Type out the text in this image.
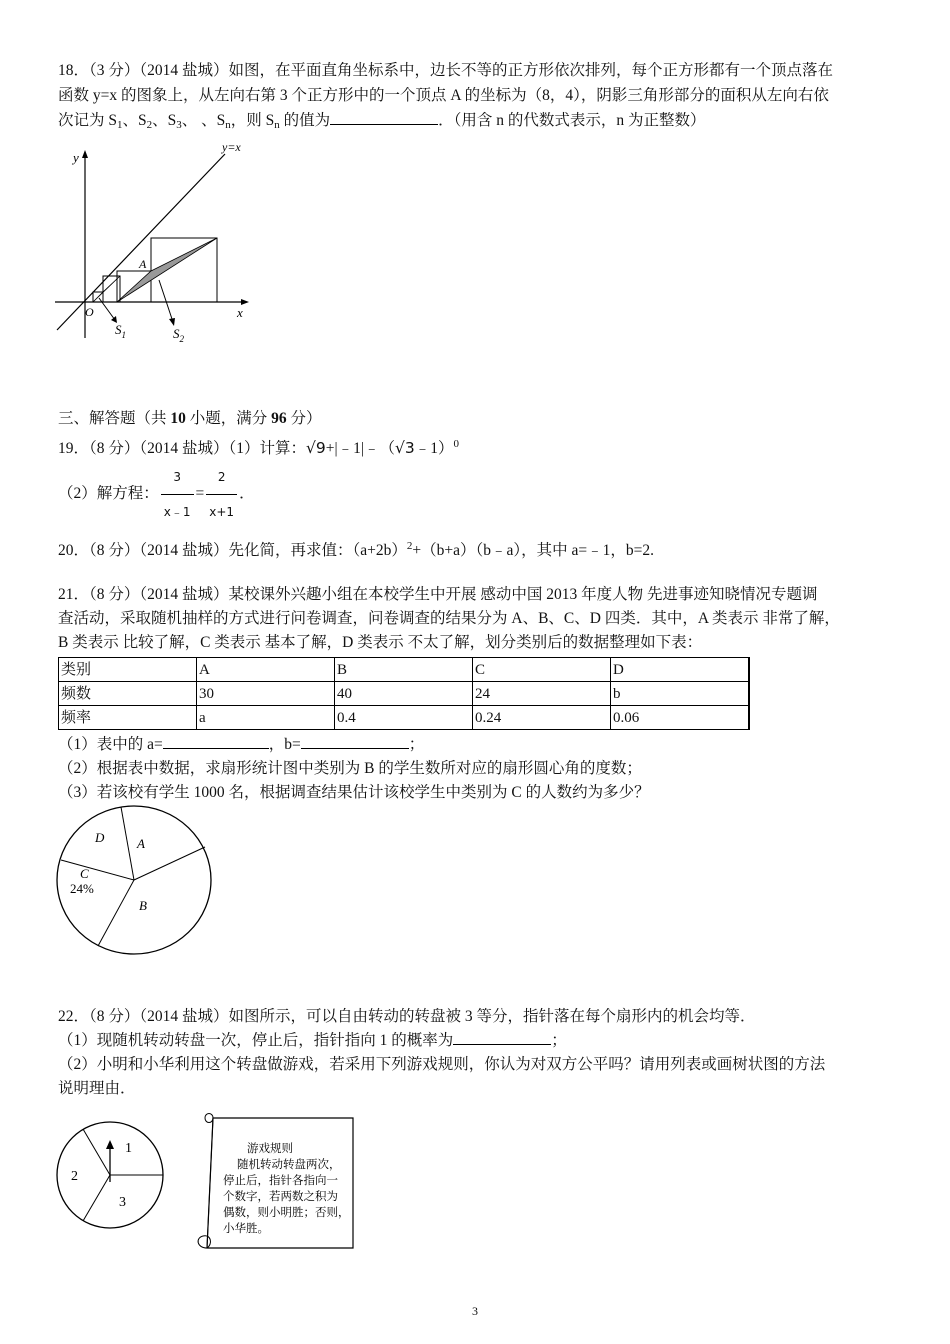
18．（3 分）（2014 盐城）如图，在平面直角坐标系中，边长不等的正方形依次排列，每个正方形都有一个顶点落在
函数 y=x 的图象上，从左向右第 3 个正方形中的一个顶点 A 的坐标为（8，4），阴影三角形部分的面积从左向右依
次记为 $S_1$、$S_2$、$S_3$、 、$S_n$，则 $S_n$ 的值为	．（用含 n 的代数式表示，n 为正整数）
y
x
O
y=x
A
$S_1$	$S_2$
三、解答题（共 10 小题，满分 96 分）
19．（8 分）（2014 盐城）（1）计算：√9+|﹣1|﹣（√3﹣1）$^0$
（2）解方程： $\frac{3}{x﹣1} = \frac{2}{x+1}$ ．
20．（8 分）（2014 盐城）先化简，再求值：$(a+2b)^2+(b+a)(b﹣a)$，其中 a=﹣1，b=2.
21．（8 分）（2014 盐城）某校课外兴趣小组在本校学生中开展 感动中国 2013 年度人物 先进事迹知晓情况专题调
查活动，采取随机抽样的方式进行问卷调查，问卷调查的结果分为 A、B、C、D 四类．其中，A 类表示 非常了解，
B 类表示 比较了解，C 类表示 基本了解，D 类表示 不太了解，划分类别后的数据整理如下表：
类别	A	B	C	D
频数	30	40	24	b
频率	a	0.4	0.24	0.06
（1）表中的 a=	，b=	；
（2）根据表中数据，求扇形统计图中类别为 B 的学生数所对应的扇形圆心角的度数；
（3）若该校有学生 1000 名，根据调查结果估计该校学生中类别为 C 的人数约为多少？
D	A
C
24%
B
22．（8 分）（2014 盐城）如图所示，可以自由转动的转盘被 3 等分，指针落在每个扇形内的机会均等．
（1）现随机转动转盘一次，停止后，指针指向 1 的概率为	；
（2）小明和小华利用这个转盘做游戏，若采用下列游戏规则，你认为对双方公平吗？请用列表或画树状图的方法
说明理由．
1
2
3
游戏规则
随机转动转盘两次，
停止后，指针各指向一
个数字，若两数之积为
偶数，则小明胜；否则，
小华胜。
3
